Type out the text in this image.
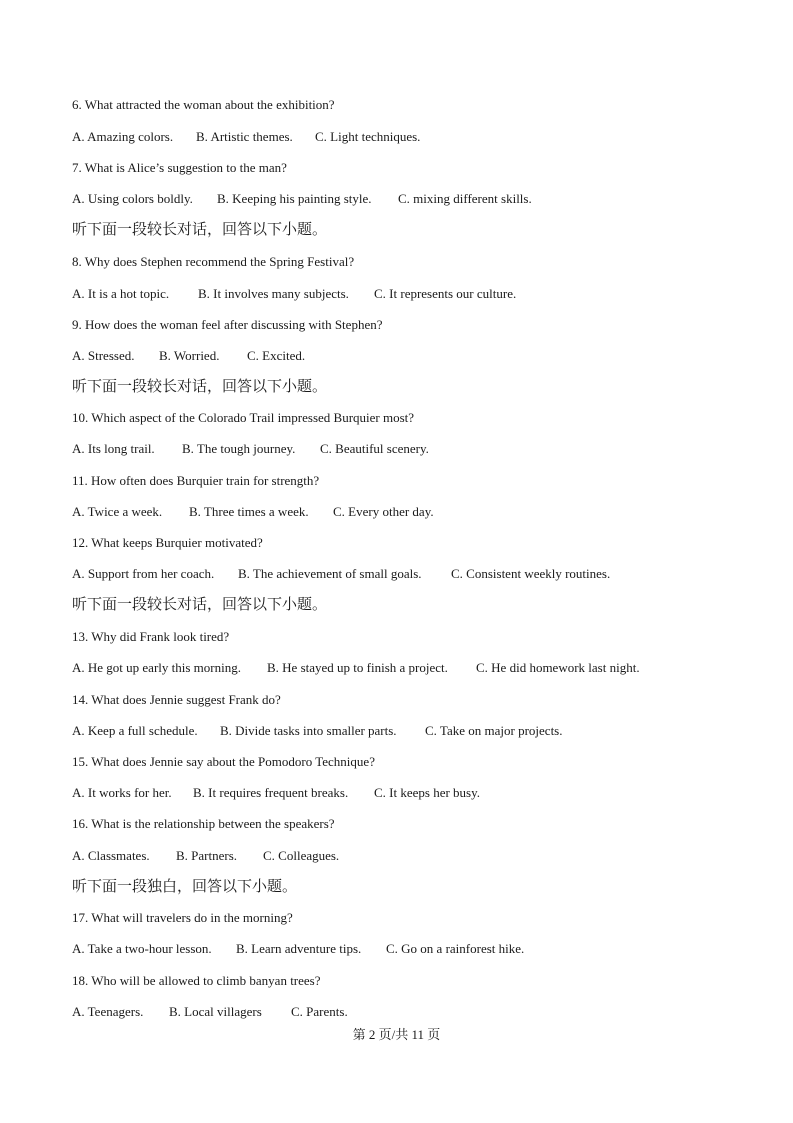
6. What attracted the woman about the exhibition?
A. Amazing colors. B. Artistic themes. C. Light techniques.
7. What is Alice’s suggestion to the man?
A. Using colors boldly. B. Keeping his painting style. C. mixing different skills.
听下面一段较长对话，回答以下小题。
8. Why does Stephen recommend the Spring Festival?
A. It is a hot topic. B. It involves many subjects. C. It represents our culture.
9. How does the woman feel after discussing with Stephen?
A. Stressed. B. Worried. C. Excited.
听下面一段较长对话，回答以下小题。
10. Which aspect of the Colorado Trail impressed Burquier most?
A. Its long trail. B. The tough journey. C. Beautiful scenery.
11. How often does Burquier train for strength?
A. Twice a week. B. Three times a week. C. Every other day.
12. What keeps Burquier motivated?
A. Support from her coach. B. The achievement of small goals. C. Consistent weekly routines.
听下面一段较长对话，回答以下小题。
13. Why did Frank look tired?
A. He got up early this morning. B. He stayed up to finish a project. C. He did homework last night.
14. What does Jennie suggest Frank do?
A. Keep a full schedule. B. Divide tasks into smaller parts. C. Take on major projects.
15. What does Jennie say about the Pomodoro Technique?
A. It works for her. B. It requires frequent breaks. C. It keeps her busy.
16. What is the relationship between the speakers?
A. Classmates. B. Partners. C. Colleagues.
听下面一段独白，回答以下小题。
17. What will travelers do in the morning?
A. Take a two-hour lesson. B. Learn adventure tips. C. Go on a rainforest hike.
18. Who will be allowed to climb banyan trees?
A. Teenagers. B. Local villagers C. Parents.
第 2 页/共 11 页
